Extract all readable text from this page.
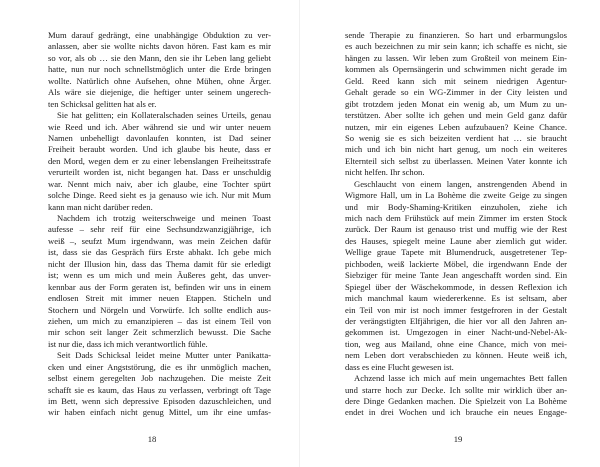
Mum darauf gedrängt, eine unabhängige Obduktion zu ver-
anlassen, aber sie wollte nichts davon hören. Fast kam es mir
so vor, als ob … sie den Mann, den sie ihr Leben lang geliebt
hatte, nun nur noch schnellstmöglich unter die Erde bringen
wollte. Natürlich ohne Aufsehen, ohne Mühen, ohne Ärger.
Als wäre sie diejenige, die heftiger unter seinem ungerech-
ten Schicksal gelitten hat als er.
Sie hat gelitten; ein Kollateralschaden seines Urteils, genau
wie Reed und ich. Aber während sie und wir unter neuem
Namen unbehelligt davonlaufen konnten, ist Dad seiner
Freiheit beraubt worden. Und ich glaube bis heute, dass er
den Mord, wegen dem er zu einer lebenslangen Freiheitsstrafe
verurteilt worden ist, nicht begangen hat. Dass er unschuldig
war. Nennt mich naiv, aber ich glaube, eine Tochter spürt
solche Dinge. Reed sieht es ja genauso wie ich. Nur mit Mum
kann man nicht darüber reden.
Nachdem ich trotzig weiterschweige und meinen Toast
aufesse – sehr reif für eine Sechsundzwanzigjährige, ich
weiß –, seufzt Mum irgendwann, was mein Zeichen dafür
ist, dass sie das Gespräch fürs Erste abhakt. Ich gebe mich
nicht der Illusion hin, dass das Thema damit für sie erledigt
ist; wenn es um mich und mein Äußeres geht, das unver-
kennbar aus der Form geraten ist, befinden wir uns in einem
endlosen Streit mit immer neuen Etappen. Sticheln und
Stochern und Nörgeln und Vorwürfe. Ich sollte endlich aus-
ziehen, um mich zu emanzipieren – das ist einem Teil von
mir schon seit langer Zeit schmerzlich bewusst. Die Sache
ist nur die, dass ich mich verantwortlich fühle.
Seit Dads Schicksal leidet meine Mutter unter Panikatta-
cken und einer Angststörung, die es ihr unmöglich machen,
selbst einem geregelten Job nachzugehen. Die meiste Zeit
schafft sie es kaum, das Haus zu verlassen, verbringt oft Tage
im Bett, wenn sich depressive Episoden dazuschleichen, und
wir haben einfach nicht genug Mittel, um ihr eine umfas-
18
sende Therapie zu finanzieren. So hart und erbarmungslos
es auch bezeichnen zu mir sein kann; ich schaffe es nicht, sie
hängen zu lassen. Wir leben zum Großteil von meinem Ein-
kommen als Opernsängerin und schwimmen nicht gerade im
Geld. Reed kann sich mit seinem niedrigen Agentur-
Gehalt gerade so ein WG-Zimmer in der City leisten und
gibt trotzdem jeden Monat ein wenig ab, um Mum zu un-
terstützen. Aber sollte ich gehen und mein Geld ganz dafür
nutzen, mir ein eigenes Leben aufzubauen? Keine Chance.
So wenig sie es sich beizeiten verdient hat … sie braucht
mich und ich bin nicht hart genug, um noch ein weiteres
Elternteil sich selbst zu überlassen. Meinen Vater konnte ich
nicht helfen. Ihr schon.
Geschlaucht von einem langen, anstrengenden Abend in
Wigmore Hall, um in La Bohème die zweite Geige zu singen
und mir Body-Shaming-Kritiken einzuholen, ziehe ich
mich nach dem Frühstück auf mein Zimmer im ersten Stock
zurück. Der Raum ist genauso trist und muffig wie der Rest
des Hauses, spiegelt meine Laune aber ziemlich gut wider.
Wellige graue Tapete mit Blumendruck, ausgetretener Tep-
pichboden, weiß lackierte Möbel, die irgendwann Ende der
Siebziger für meine Tante Jean angeschafft worden sind. Ein
Spiegel über der Wäschekommode, in dessen Reflexion ich
mich manchmal kaum wiedererkenne. Es ist seltsam, aber
ein Teil von mir ist noch immer festgefroren in der Gestalt
der verängstigten Elfjährigen, die hier vor all den Jahren an-
gekommen ist. Umgezogen in einer Nacht-und-Nebel-Ak-
tion, weg aus Mailand, ohne eine Chance, mich von mei-
nem Leben dort verabschieden zu können. Heute weiß ich,
dass es eine Flucht gewesen ist.
Achzend lasse ich mich auf mein ungemachtes Bett fallen
und starre hoch zur Decke. Ich sollte mir wirklich über an-
dere Dinge Gedanken machen. Die Spielzeit von La Bohème
endet in drei Wochen und ich brauche ein neues Engage-
19
